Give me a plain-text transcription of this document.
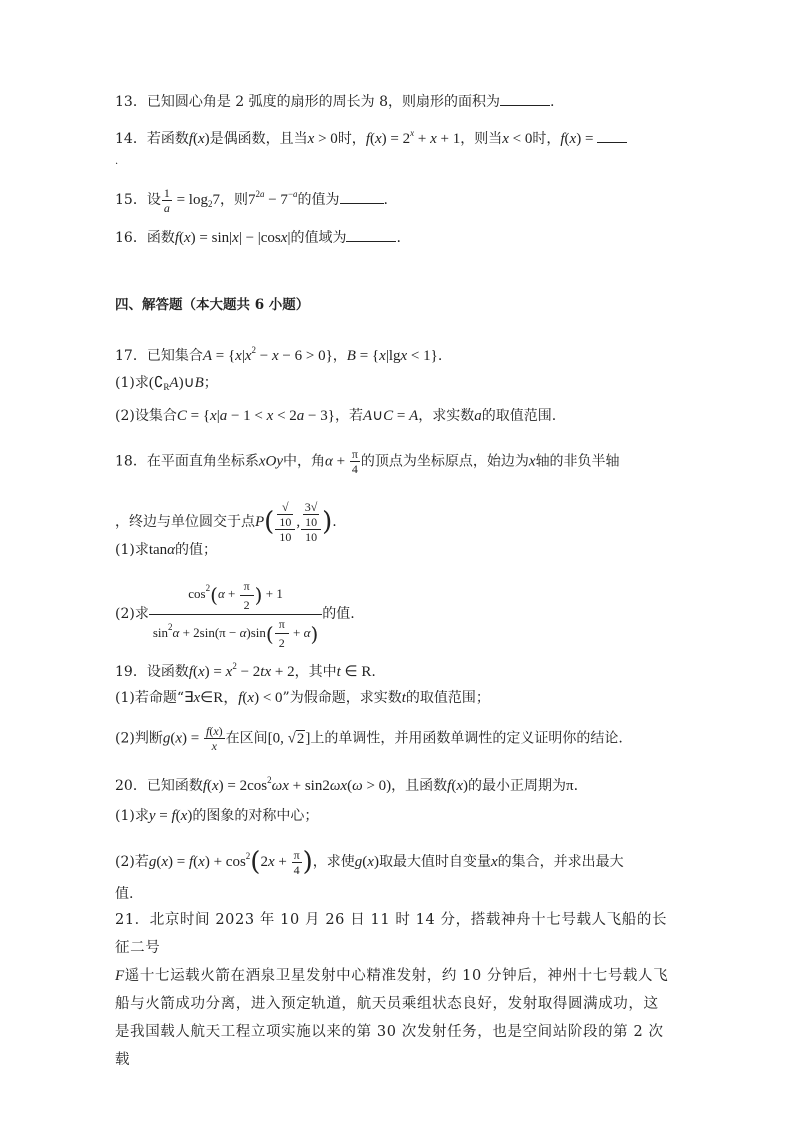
13．已知圆心角是 2 弧度的扇形的周长为 8，则扇形的面积为	.
14．若函数f(x)是偶函数，且当x > 0时，$f(x) = 2^x + x + 1$，则当x < 0时，f(x) =
.
15．设 $\frac{1}{a} = \log_27$，则$7^{2a} - 7^{-a}$的值为	.
16．函数f(x) = sin|x| − |cosx|的值域为	.
四、解答题（本大题共 6 小题）
17．已知集合$A = \{x|x^2 - x - 6 > 0\}$，B = {x|lgx < 1}.
(1)求$(∁_RA)\cup B$；
(2)设集合C = {x|a − 1 < x < 2a − 3}，若A∪C = A，求实数a的取值范围.
18．在平面直角坐标系xOy中，角$\alpha + \frac{\pi}{4}$ 的顶点为坐标原点，始边为x轴的非负半轴
，终边与单位圆交于点P( √
10
10 , 3√
10
10 ).
(1)求tanα的值；
(2)求 $\frac{\cos^2(\alpha + \frac{\pi}{2} ) + 1}{\sin^2\alpha + 2\sin(\pi - \alpha)\sin( \frac{\pi}{2} + \alpha)}$ 的值.
19．设函数$f(x) = x^2 - 2tx + 2$，其中t ∈ R.
(1)若命题“∃x∈R，f(x) < 0”为假命题，求实数t的取值范围；
(2)判断$g(x) = \frac{f(x)}{x}$ 在区间[0, √2]上的单调性，并用函数单调性的定义证明你的结论.
20．已知函数$f(x) = 2\cos^2\omega x + \sin 2\omega x(\omega > 0)$，且函数f(x)的最小正周期为π.
(1)求y = f(x)的图象的对称中心；
(2)若$g(x) = f(x) + \cos^2(2x + \frac{\pi}{4}$ )，求使g(x)取最大值时自变量x的集合，并求出最大
值.
21．北京时间 2023 年 10 月 26 日 11 时 14 分，搭载神舟十七号载人飞船的长征二号
F遥十七运载火箭在酒泉卫星发射中心精准发射，约 10 分钟后，神州十七号载人飞
船与火箭成功分离，进入预定轨道，航天员乘组状态良好，发射取得圆满成功，这
是我国载人航天工程立项实施以来的第 30 次发射任务，也是空间站阶段的第 2 次载
